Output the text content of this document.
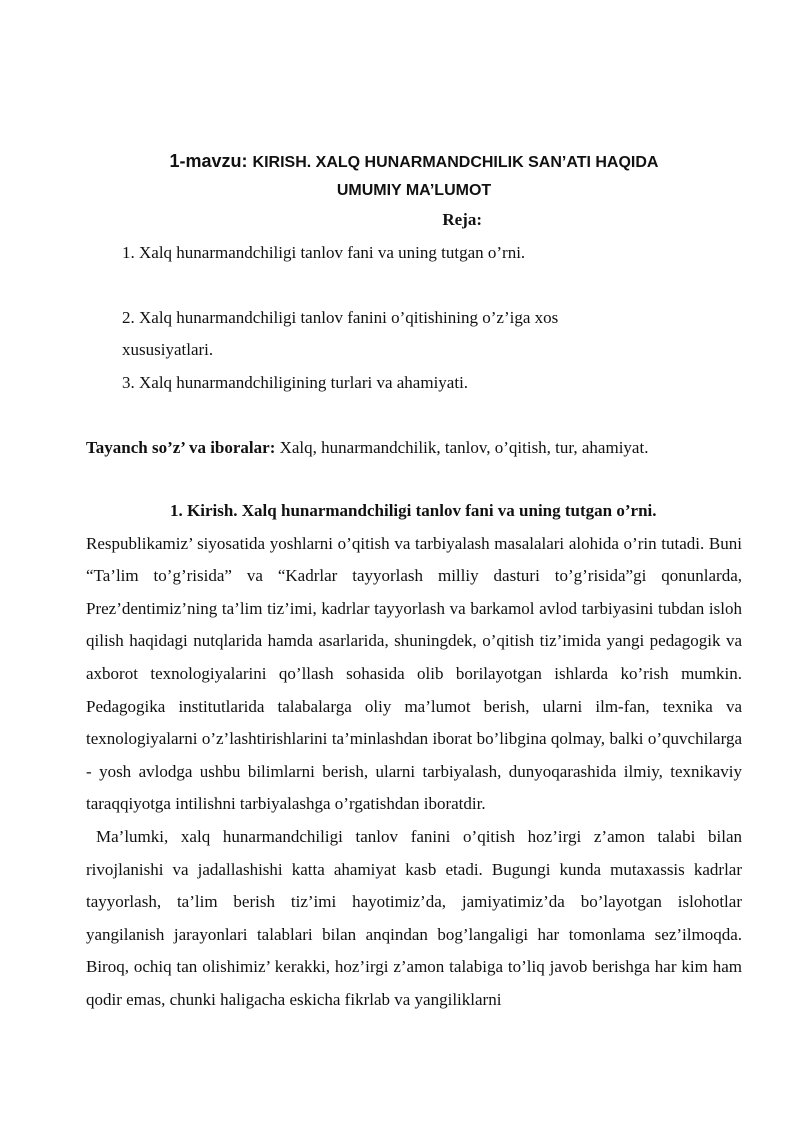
1-mavzu: KIRISH. XALQ HUNARMANDCHILIK SAN’ATI HAQIDA
UMUMIY MA’LUMOT
Reja:
1. Xalq hunarmandchiligi tanlov fani va uning tutgan o’rni.
2. Xalq hunarmandchiligi tanlov fanini o’qitishining o’z’iga xos xususiyatlari.
3. Xalq hunarmandchiligining turlari va ahamiyati.
Tayanch so’z’ va iboralar: Xalq, hunarmandchilik, tanlov, o’qitish, tur, ahamiyat.

1. Kirish. Xalq hunarmandchiligi tanlov fani va uning tutgan o’rni.

Respublikamiz’ siyosatida yoshlarni o’qitish va tarbiyalash masalalari alohida o’rin tutadi. Buni “Ta’lim to’g’risida” va “Kadrlar tayyorlash milliy dasturi to’g’risida”gi qonunlarda, Prez’dentimiz’ning ta’lim tiz’imi, kadrlar tayyorlash va barkamol avlod tarbiyasini tubdan isloh qilish haqidagi nutqlarida hamda asarlarida, shuningdek, o’qitish tiz’imida yangi pedagogik va axborot texnologiyalarini qo’llash sohasida olib borilayotgan ishlarda ko’rish mumkin. Pedagogika institutlarida talabalarga oliy ma’lumot berish, ularni ilm-fan, texnika va texnologiyalarni o’z’lashtirishlarini ta’minlashdan iborat bo’libgina qolmay, balki o’quvchilarga - yosh avlodga ushbu bilimlarni berish, ularni tarbiyalash, dunyoqarashida ilmiy, texnikaviy taraqqiyotga intilishni tarbiyalashga o’rgatishdan iboratdir.

Ma’lumki, xalq hunarmandchiligi tanlov fanini o’qitish hoz’irgi z’amon talabi bilan rivojlanishi va jadallashishi katta ahamiyat kasb etadi. Bugungi kunda mutaxassis kadrlar tayyorlash, ta’lim berish tiz’imi hayotimiz’da, jamiyatimiz’da bo’layotgan islohotlar yangilanish jarayonlari talablari bilan anqindan bog’langaligi har tomonlama sez’ilmoqda. Biroq, ochiq tan olishimiz’ kerakki, hoz’irgi z’amon talabiga to’liq javob berishga har kim ham qodir emas, chunki haligacha eskicha fikrlab va yangiliklarni
